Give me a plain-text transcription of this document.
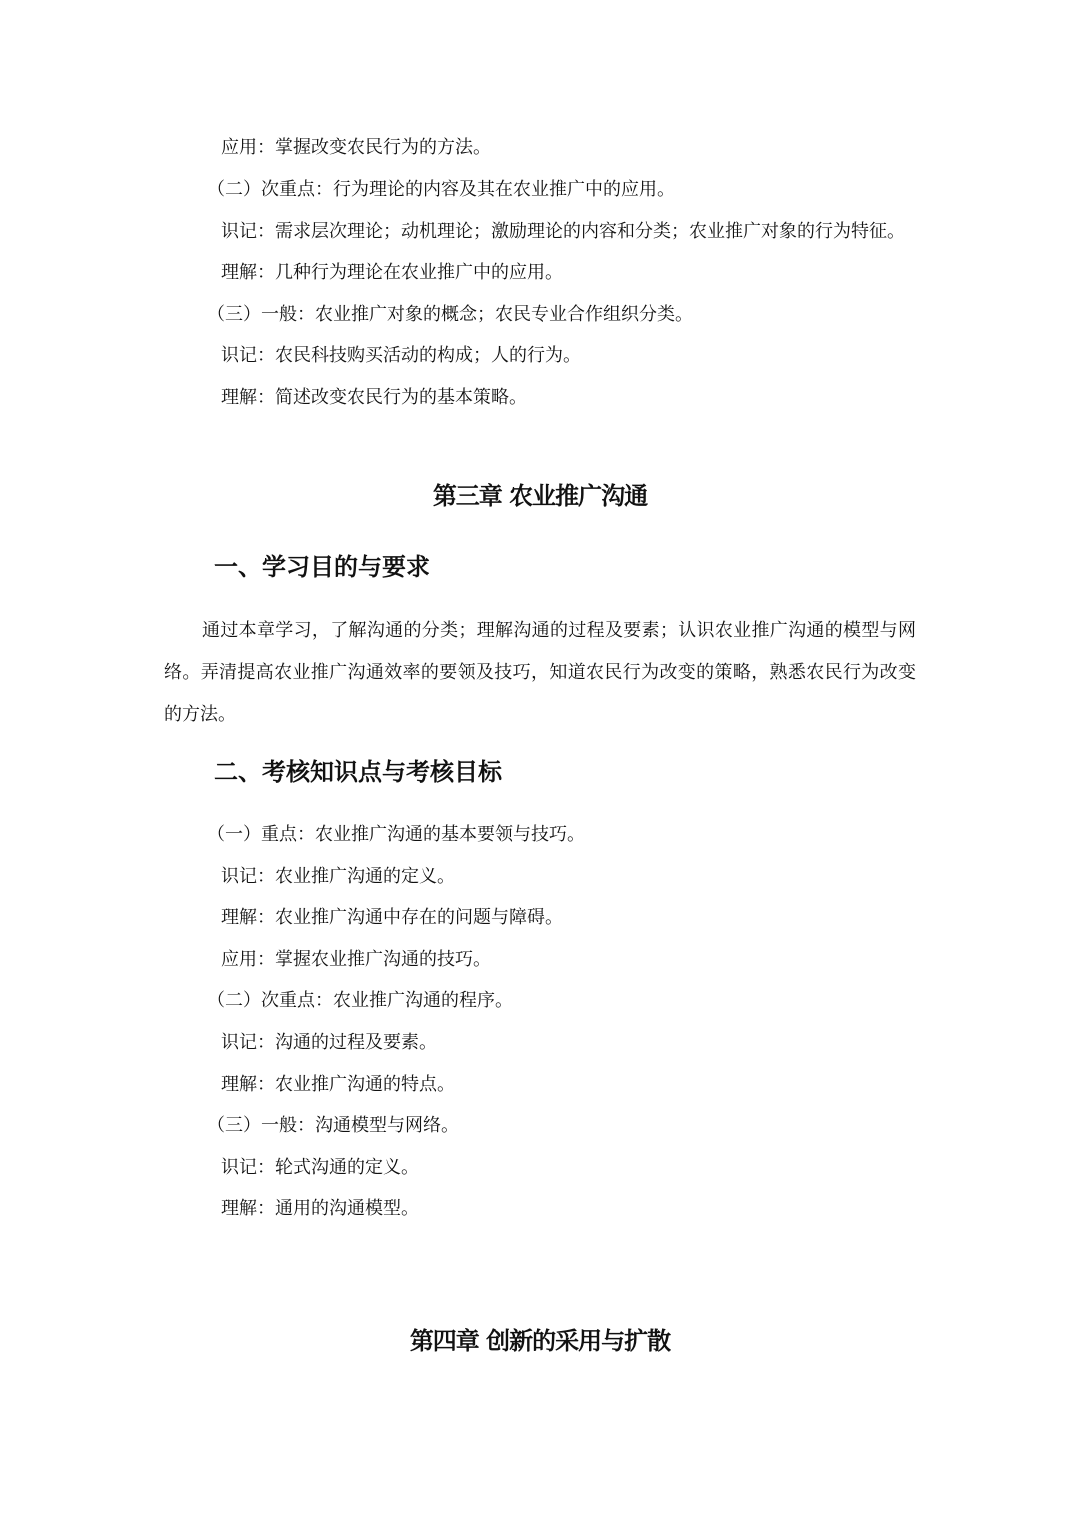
应用：掌握改变农民行为的方法。
（二）次重点：行为理论的内容及其在农业推广中的应用。
识记：需求层次理论；动机理论；激励理论的内容和分类；农业推广对象的行为特征。
理解：几种行为理论在农业推广中的应用。
（三）一般：农业推广对象的概念；农民专业合作组织分类。
识记：农民科技购买活动的构成；人的行为。
理解：简述改变农民行为的基本策略。
第三章 农业推广沟通
一、学习目的与要求
通过本章学习，了解沟通的分类；理解沟通的过程及要素；认识农业推广沟通的模型与网络。弄清提高农业推广沟通效率的要领及技巧，知道农民行为改变的策略，熟悉农民行为改变的方法。
二、考核知识点与考核目标
（一）重点：农业推广沟通的基本要领与技巧。
识记：农业推广沟通的定义。
理解：农业推广沟通中存在的问题与障碍。
应用：掌握农业推广沟通的技巧。
（二）次重点：农业推广沟通的程序。
识记：沟通的过程及要素。
理解：农业推广沟通的特点。
（三）一般：沟通模型与网络。
识记：轮式沟通的定义。
理解：通用的沟通模型。
第四章 创新的采用与扩散
